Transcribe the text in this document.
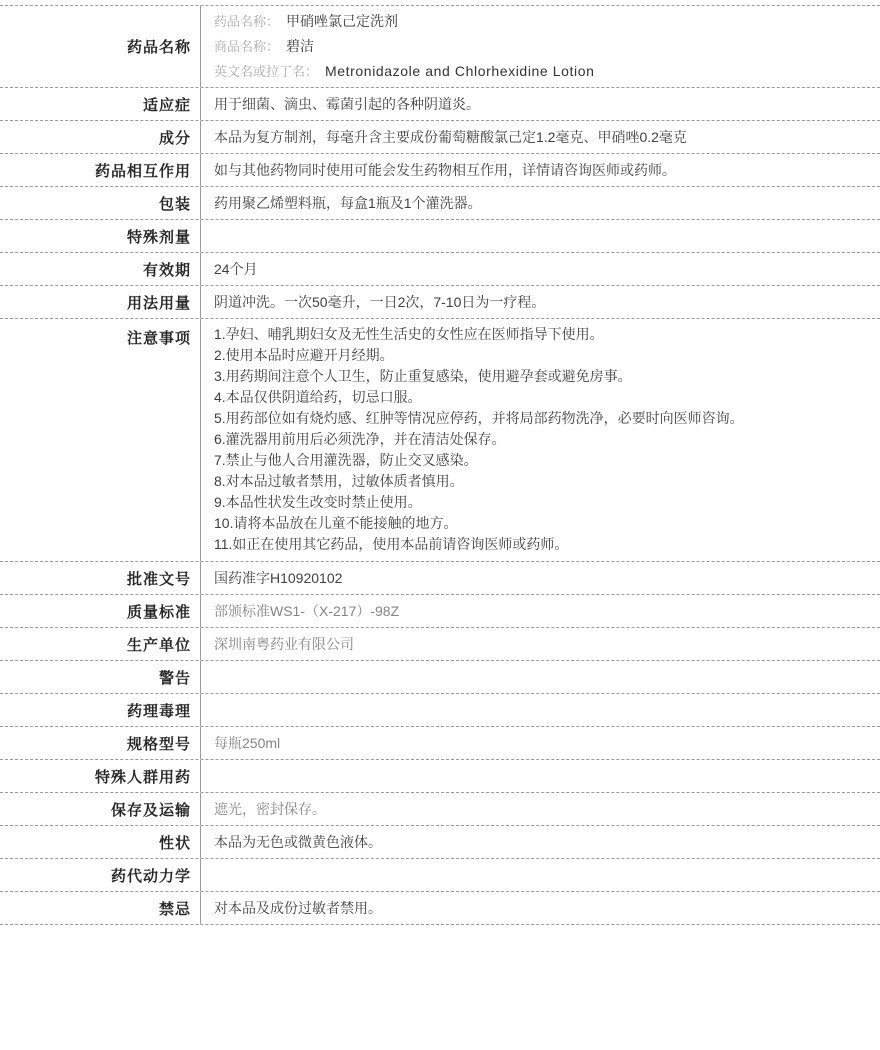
药品名称
药品名称： 甲硝唑氯己定洗剂
商品名称： 碧洁
英文名或拉丁名： Metronidazole and Chlorhexidine Lotion
适应症	用于细菌、滴虫、霉菌引起的各种阴道炎。
成分	本品为复方制剂，每毫升含主要成份葡萄糖酸氯己定1.2毫克、甲硝唑0.2毫克
药品相互作用	如与其他药物同时使用可能会发生药物相互作用，详情请咨询医师或药师。
包装	药用聚乙烯塑料瓶，每盒1瓶及1个灌洗器。
特殊剂量
有效期	24个月
用法用量	阴道冲洗。一次50毫升，一日2次，7-10日为一疗程。
注意事项	1.孕妇、哺乳期妇女及无性生活史的女性应在医师指导下使用。
2.使用本品时应避开月经期。
3.用药期间注意个人卫生，防止重复感染，使用避孕套或避免房事。
4.本品仅供阴道给药，切忌口服。
5.用药部位如有烧灼感、红肿等情况应停药，并将局部药物洗净，必要时向医师咨询。
6.灌洗器用前用后必须洗净，并在清洁处保存。
7.禁止与他人合用灌洗器，防止交叉感染。
8.对本品过敏者禁用，过敏体质者慎用。
9.本品性状发生改变时禁止使用。
10.请将本品放在儿童不能接触的地方。
11.如正在使用其它药品，使用本品前请咨询医师或药师。
批准文号	国药准字H10920102
质量标准	部颁标准WS1-（X-217）-98Z
生产单位	深圳南粤药业有限公司
警告
药理毒理
规格型号	每瓶250ml
特殊人群用药
保存及运输	遮光，密封保存。
性状	本品为无色或微黄色液体。
药代动力学
禁忌	对本品及成份过敏者禁用。
